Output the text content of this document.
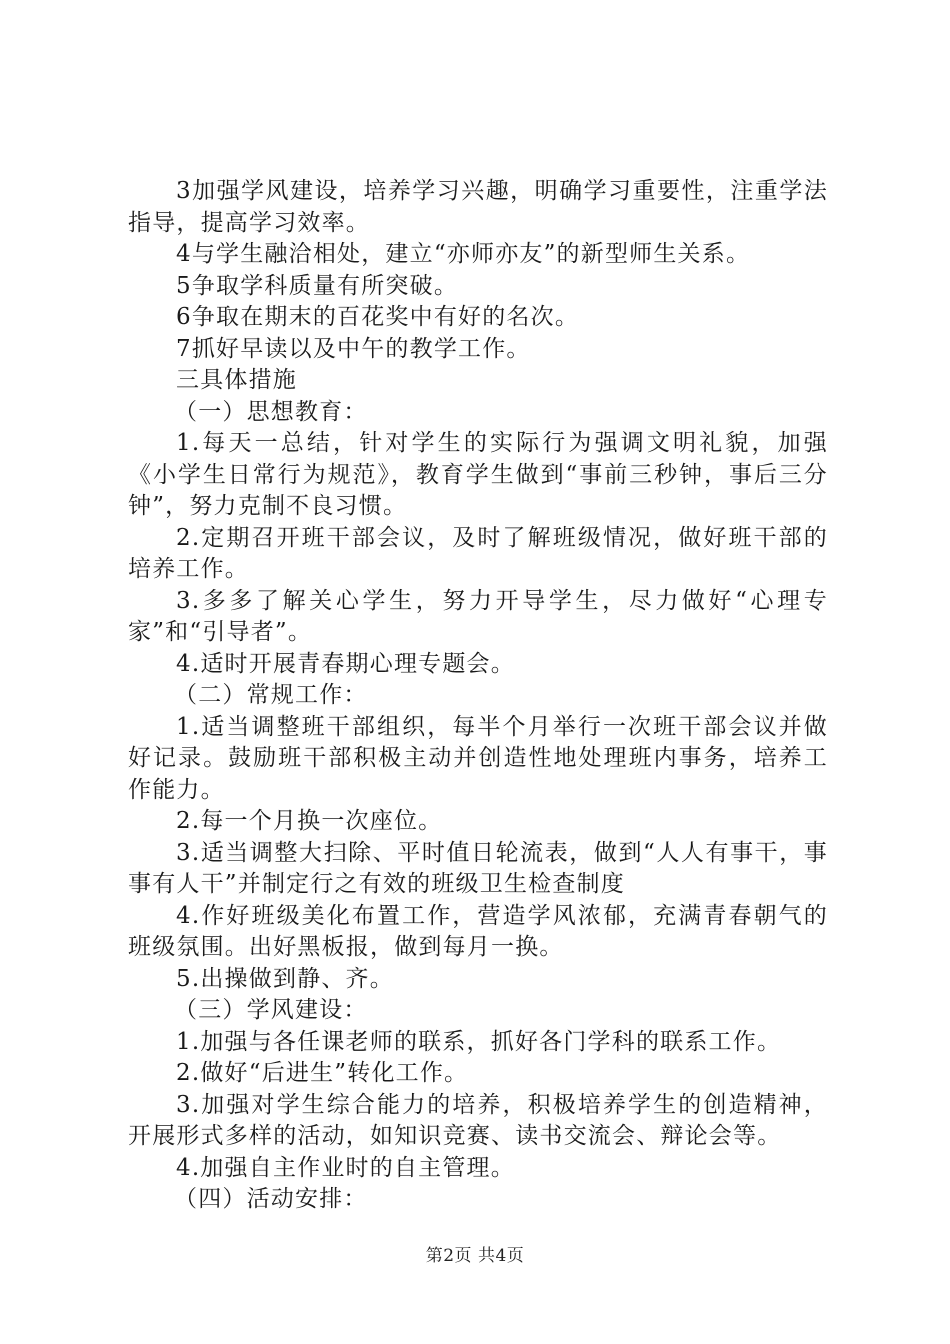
3加强学风建设，培养学习兴趣，明确学习重要性，注重学法指导，提高学习效率。

4与学生融洽相处，建立“亦师亦友”的新型师生关系。

5争取学科质量有所突破。

6争取在期末的百花奖中有好的名次。

7抓好早读以及中午的教学工作。

三具体措施

（一）思想教育：

1.每天一总结，针对学生的实际行为强调文明礼貌，加强《小学生日常行为规范》，教育学生做到“事前三秒钟，事后三分钟”，努力克制不良习惯。

2.定期召开班干部会议，及时了解班级情况，做好班干部的培养工作。

3.多多了解关心学生，努力开导学生，尽力做好“心理专家”和“引导者”。

4.适时开展青春期心理专题会。

（二）常规工作：

1.适当调整班干部组织，每半个月举行一次班干部会议并做好记录。鼓励班干部积极主动并创造性地处理班内事务，培养工作能力。

2.每一个月换一次座位。

3.适当调整大扫除、平时值日轮流表，做到“人人有事干，事事有人干”并制定行之有效的班级卫生检查制度

4.作好班级美化布置工作，营造学风浓郁，充满青春朝气的班级氛围。出好黑板报，做到每月一换。

5.出操做到静、齐。

（三）学风建设：

1.加强与各任课老师的联系，抓好各门学科的联系工作。

2.做好“后进生”转化工作。

3.加强对学生综合能力的培养，积极培养学生的创造精神，开展形式多样的活动，如知识竞赛、读书交流会、辩论会等。

4.加强自主作业时的自主管理。

（四）活动安排：

第2页 共4页
